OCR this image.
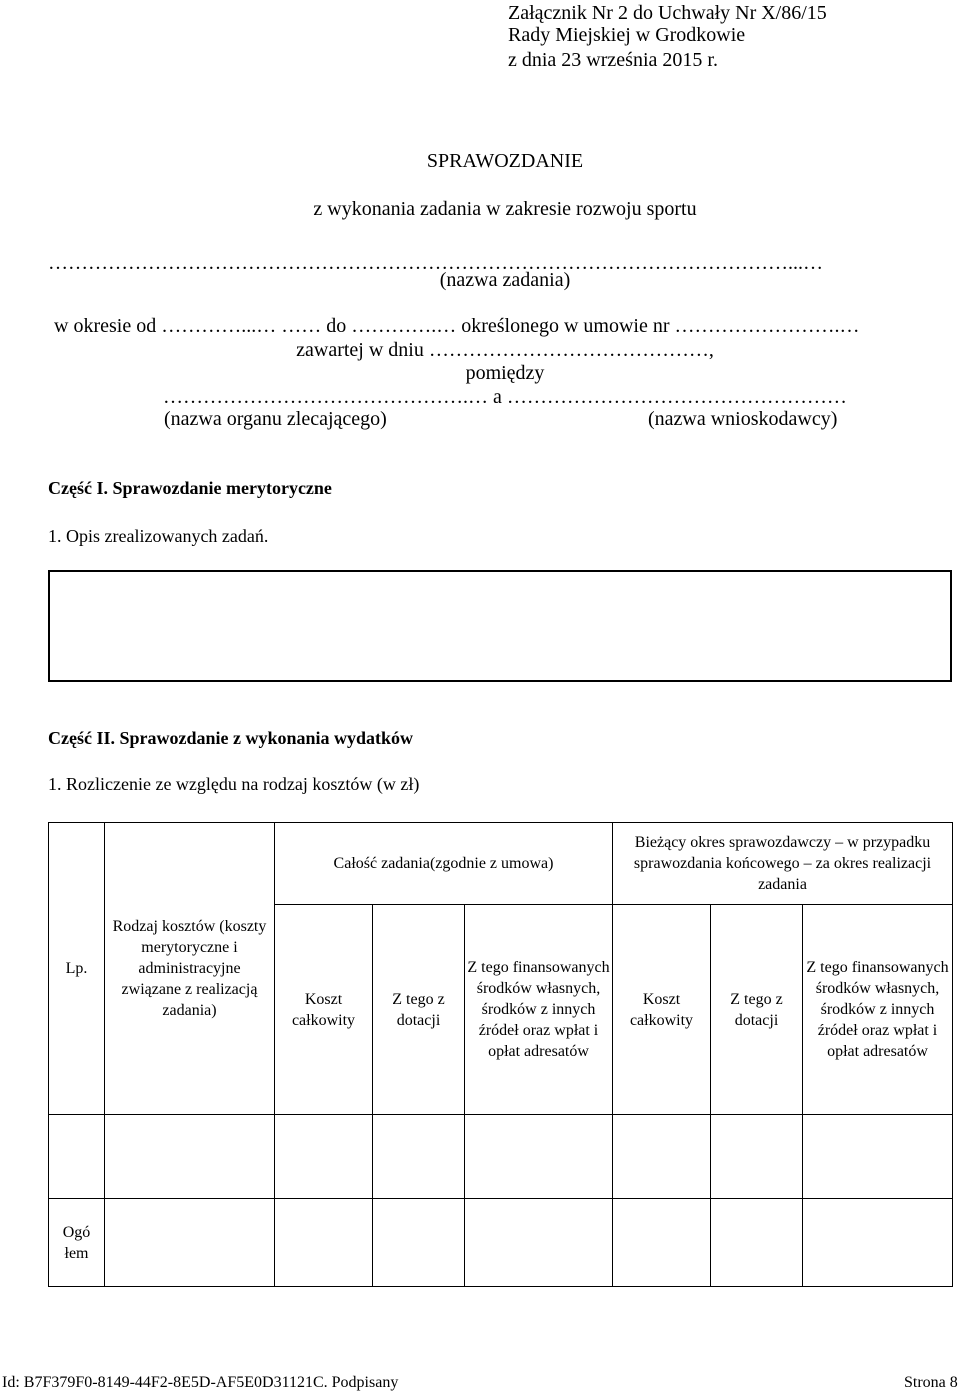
Załącznik Nr 2 do Uchwały Nr X/86/15
Rady Miejskiej w Grodkowie
z dnia 23 września 2015 r.
SPRAWOZDANIE
z wykonania zadania w zakresie rozwoju sportu
…………………………………………………………………………………………………...…
(nazwa zadania)
w okresie od …………...… …… do ………….… określonego w umowie nr …………………….…
zawartej w dniu ……………………………………,
pomiędzy
……………………………………….… a ……………………………………………
(nazwa organu zlecającego)	(nazwa wnioskodawcy)
Część I. Sprawozdanie merytoryczne
1. Opis zrealizowanych zadań.
Część II. Sprawozdanie z wykonania wydatków
1. Rozliczenie ze względu na rodzaj kosztów (w zł)
Lp.	Rodzaj kosztów (koszty merytoryczne i administracyjne związane z realizacją zadania)	Całość zadania(zgodnie z umowa)			Bieżący okres sprawozdawczy – w przypadku sprawozdania końcowego – za okres realizacji zadania		
		Koszt całkowity	Z tego z dotacji	Z tego finansowanych środków własnych, środków z innych źródeł oraz wpłat i opłat adresatów	Koszt całkowity	Z tego z dotacji	Z tego finansowanych środków własnych, środków z innych źródeł oraz wpłat i opłat adresatów

Ogó łem							
Id: B7F379F0-8149-44F2-8E5D-AF5E0D31121C. Podpisany	Strona 8
